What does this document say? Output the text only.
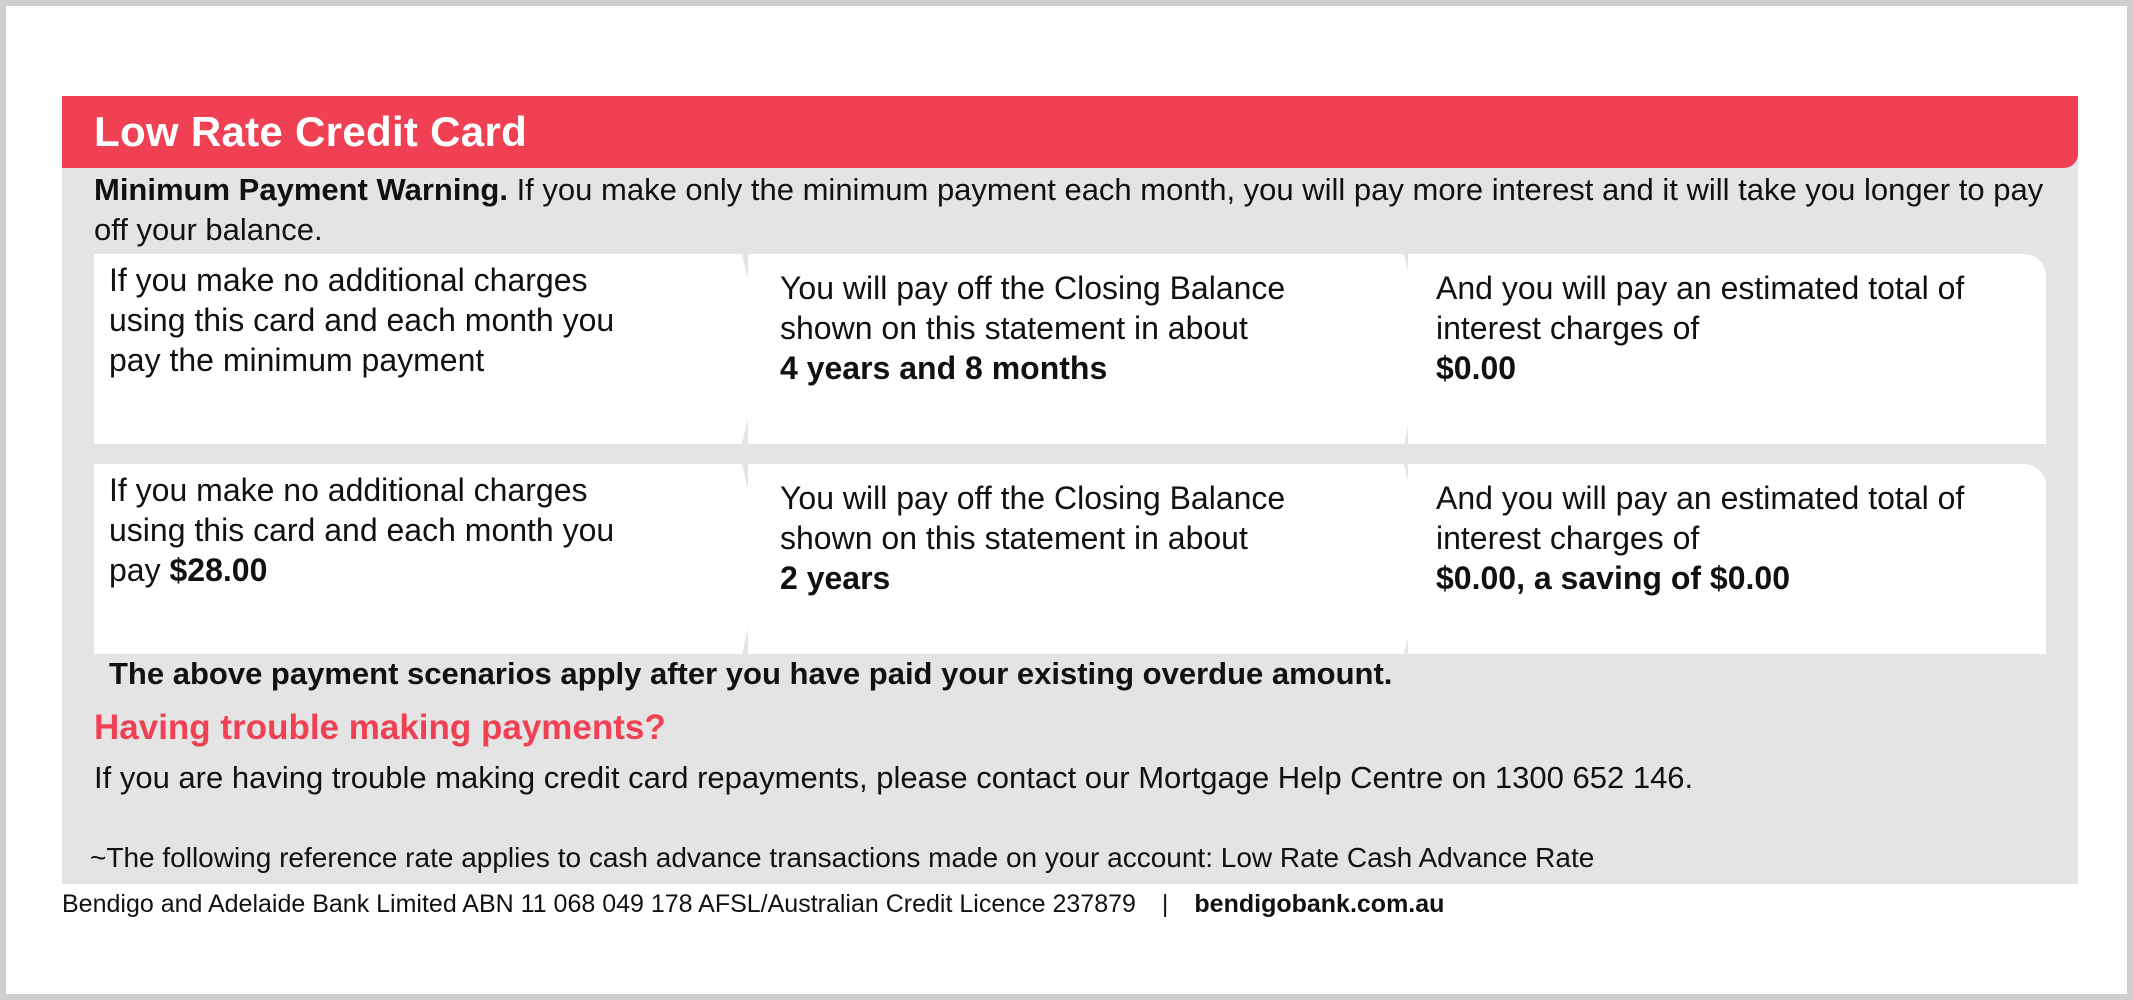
Low Rate Credit Card
Minimum Payment Warning. If you make only the minimum payment each month, you will pay more interest and it will take you longer to pay off your balance.
If you make no additional charges using this card and each month you pay the minimum payment
You will pay off the Closing Balance shown on this statement in about
4 years and 8 months
And you will pay an estimated total of interest charges of
$0.00
If you make no additional charges using this card and each month you pay $28.00
You will pay off the Closing Balance shown on this statement in about
2 years
And you will pay an estimated total of interest charges of
$0.00, a saving of $0.00
The above payment scenarios apply after you have paid your existing overdue amount.
Having trouble making payments?
If you are having trouble making credit card repayments, please contact our Mortgage Help Centre on 1300 652 146.
~The following reference rate applies to cash advance transactions made on your account: Low Rate Cash Advance Rate
Bendigo and Adelaide Bank Limited ABN 11 068 049 178 AFSL/Australian Credit Licence 237879 | bendigobank.com.au
